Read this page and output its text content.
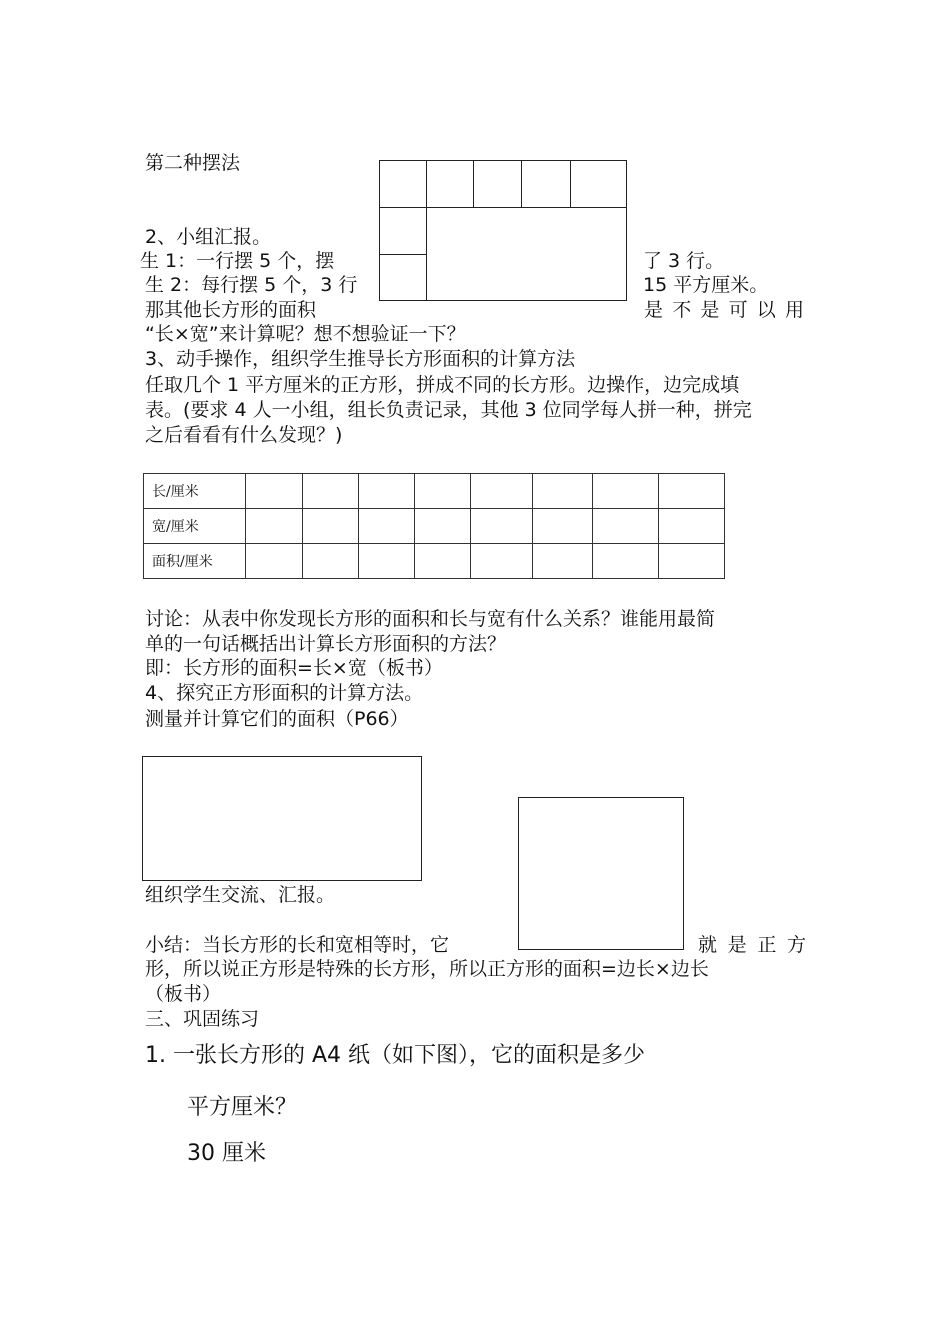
第二种摆法

2、小组汇报。

生 1：一行摆 5 个，摆	了 3 行。

生 2：每行摆 5 个，3 行	15 平方厘米。

那其他长方形的面积	是 不 是 可 以 用

“长×宽”来计算呢？想不想验证一下？

3、动手操作，组织学生推导长方形面积的计算方法

任取几个 1 平方厘米的正方形，拼成不同的长方形。边操作，边完成填

表。(要求 4 人一小组，组长负责记录，其他 3 位同学每人拼一种，拼完

之后看看有什么发现？)

长/厘米								
宽/厘米								
面积/厘米								

讨论：从表中你发现长方形的面积和长与宽有什么关系？谁能用最简

单的一句话概括出计算长方形面积的方法？

即：长方形的面积=长×宽（板书）

4、探究正方形面积的计算方法。

测量并计算它们的面积（P66）

组织学生交流、汇报。

小结：当长方形的长和宽相等时，它	就 是 正 方

形，所以说正方形是特殊的长方形，所以正方形的面积=边长×边长

（板书）

三、巩固练习

1. 一张长方形的 A4 纸（如下图），它的面积是多少

平方厘米？

30 厘米
